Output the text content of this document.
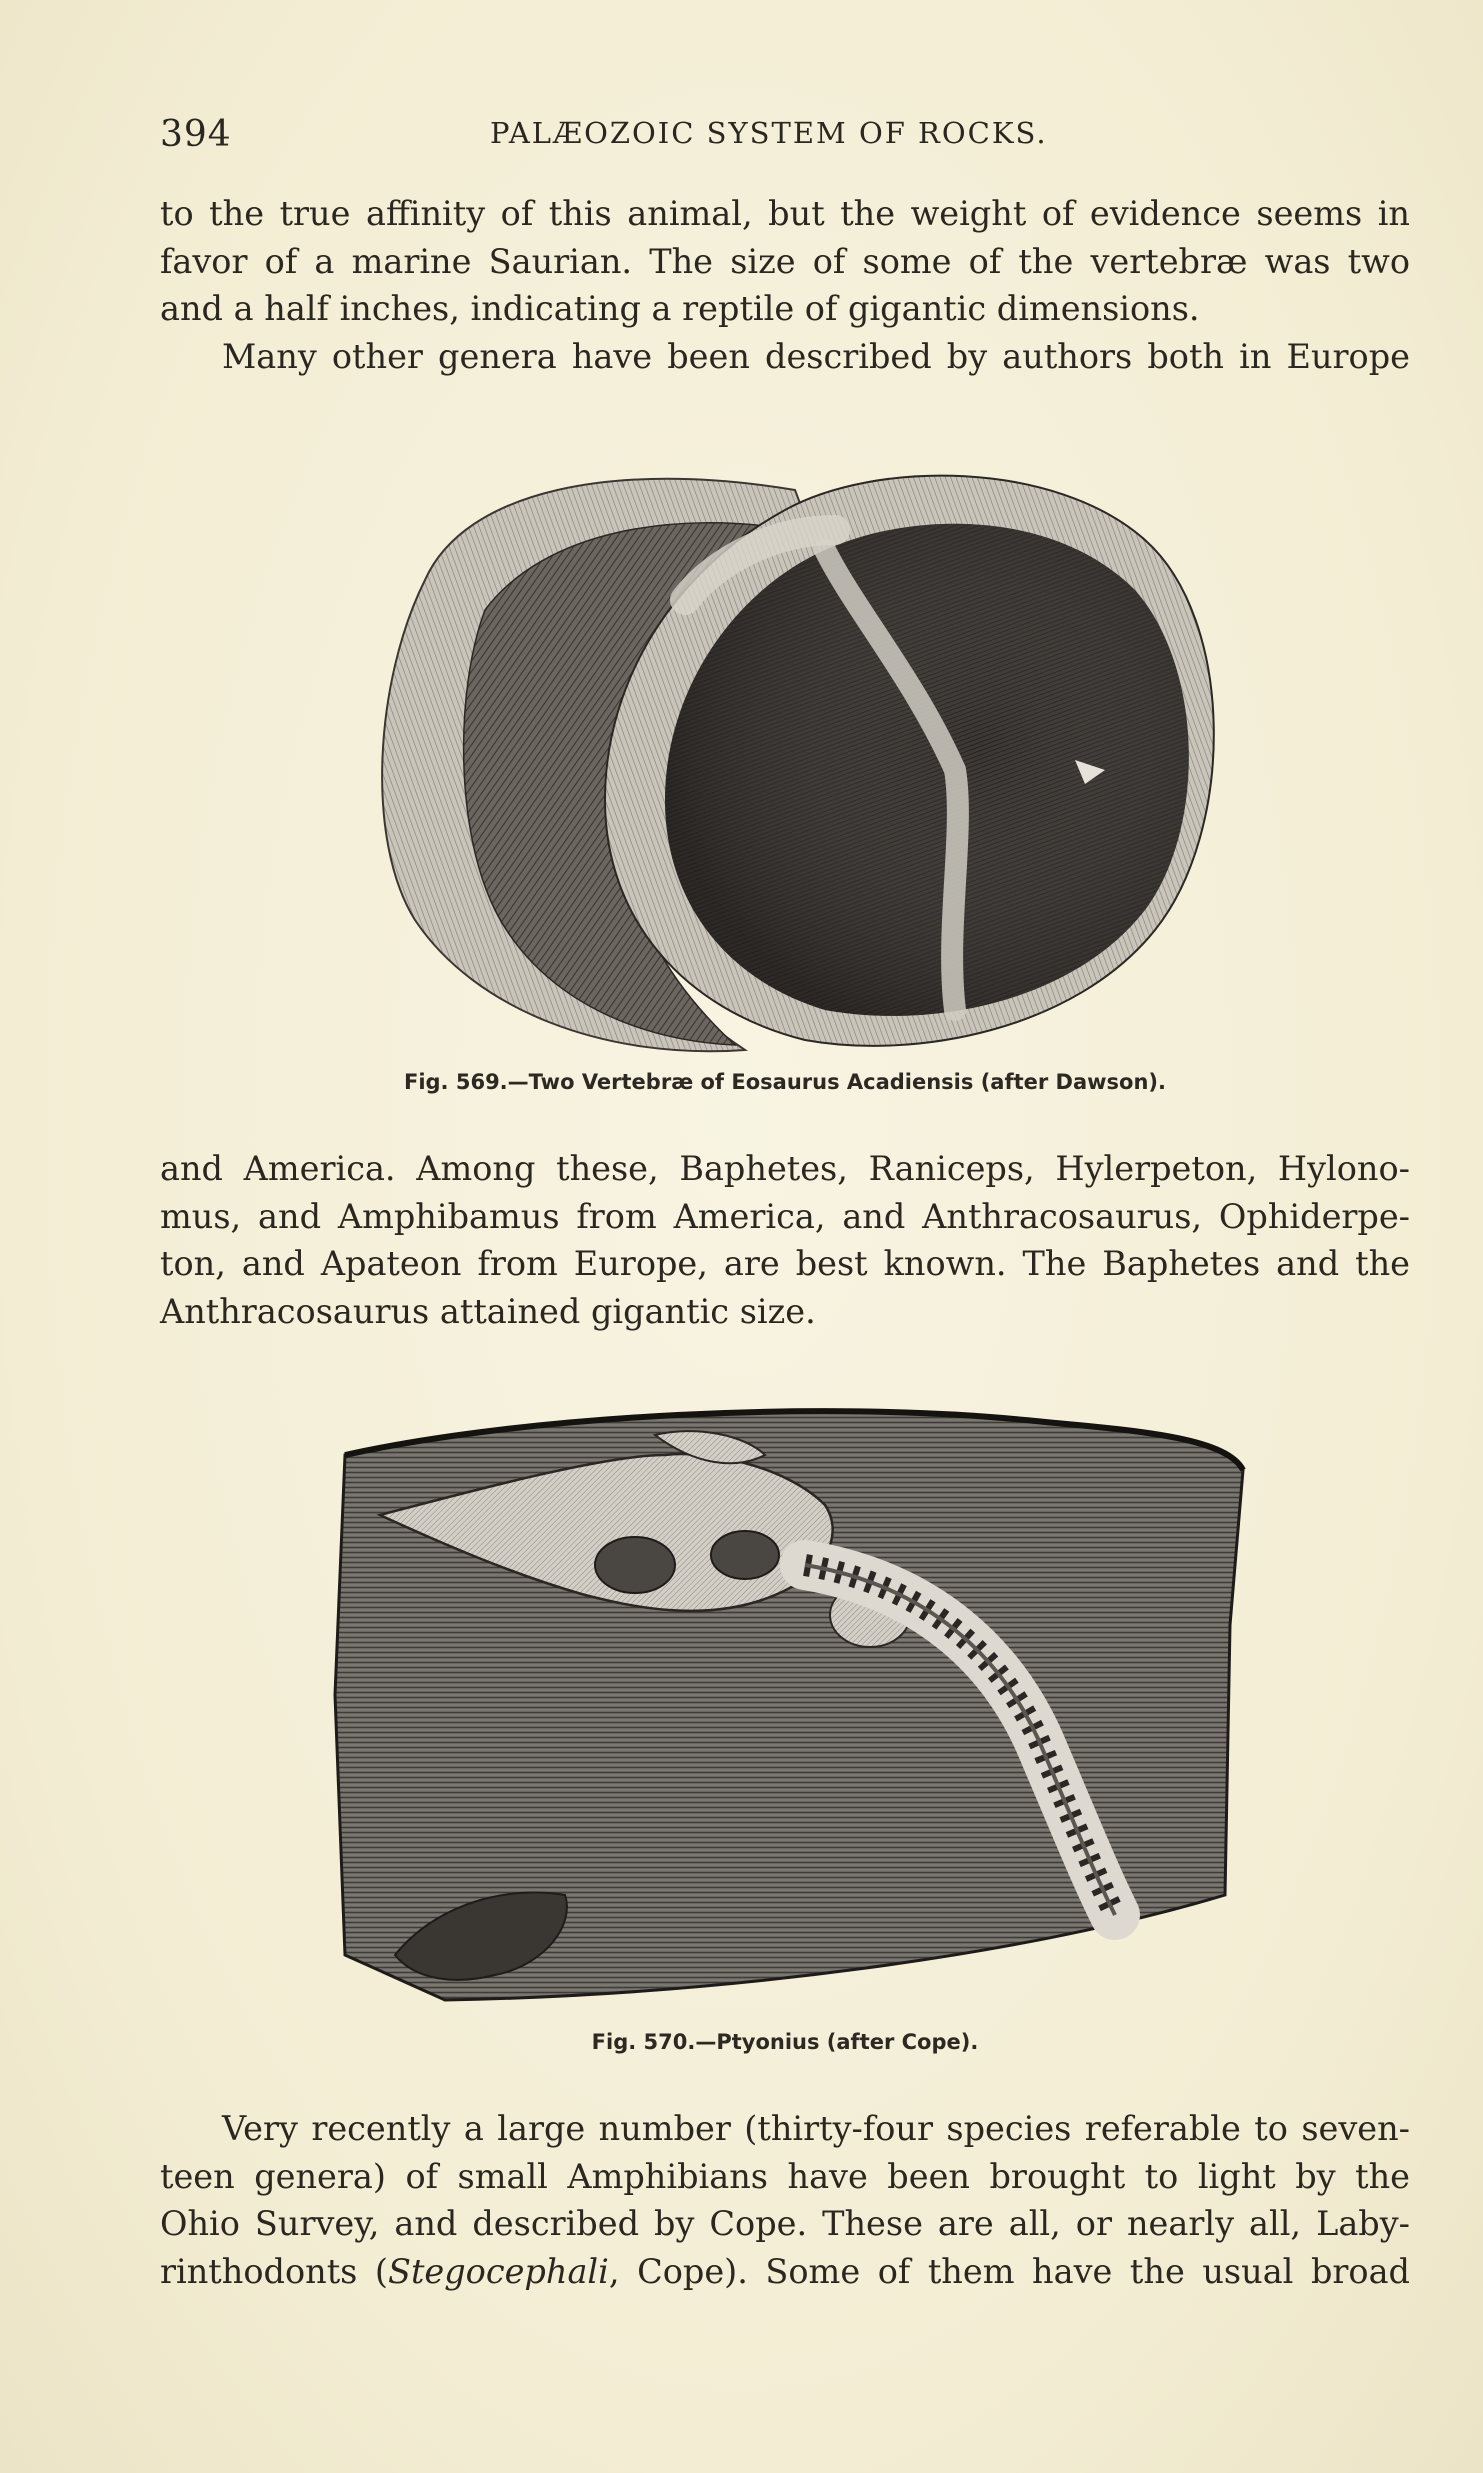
394	PALÆOZOIC SYSTEM OF ROCKS.

to the true affinity of this animal, but the weight of evidence seems in
favor of a marine Saurian. The size of some of the vertebræ was two
and a half inches, indicating a reptile of gigantic dimensions.

Many other genera have been described by authors both in Europe

Fig. 569.—Two Vertebræ of Eosaurus Acadiensis (after Dawson).

and America. Among these, Baphetes, Raniceps, Hylerpeton, Hylono-
mus, and Amphibamus from America, and Anthracosaurus, Ophiderpe-
ton, and Apateon from Europe, are best known. The Baphetes and the
Anthracosaurus attained gigantic size.

Fig. 570.—Ptyonius (after Cope).

Very recently a large number (thirty-four species referable to seven-
teen genera) of small Amphibians have been brought to light by the
Ohio Survey, and described by Cope. These are all, or nearly all, Laby-
rinthodonts (Stegocephali, Cope). Some of them have the usual broad
